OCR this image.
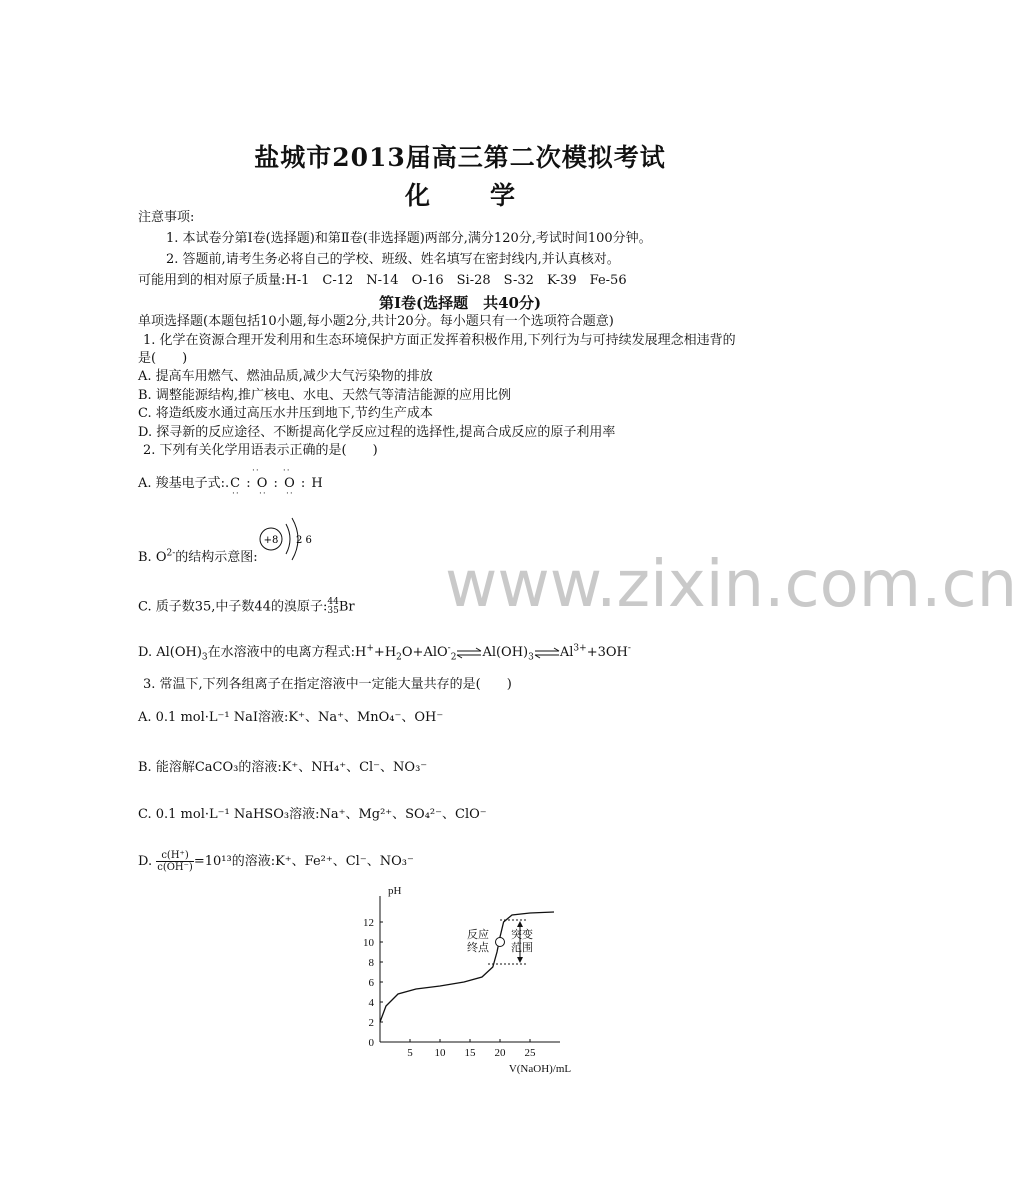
盐城市2013届高三第二次模拟考试
化学
注意事项:
1. 本试卷分第Ⅰ卷(选择题)和第Ⅱ卷(非选择题)两部分,满分120分,考试时间100分钟。
2. 答题前,请考生务必将自己的学校、班级、姓名填写在密封线内,并认真核对。
可能用到的相对原子质量:H-1　C-12　N-14　O-16　Si-28　S-32　K-39　Fe-56
第Ⅰ卷(选择题　共40分)
单项选择题(本题包括10小题,每小题2分,共计20分。每小题只有一个选项符合题意)
1. 化学在资源合理开发利用和生态环境保护方面正发挥着积极作用,下列行为与可持续发展理念相违背的
是(　　)
A. 提高车用燃气、燃油品质,减少大气污染物的排放
B. 调整能源结构,推广核电、水电、天然气等清洁能源的应用比例
C. 将造纸废水通过高压水井压到地下,节约生产成本
D. 探寻新的反应途径、不断提高化学反应过程的选择性,提高合成反应的原子利用率
2. 下列有关化学用语表示正确的是(　　)
A. 羧基电子式:.C : O : O : H
··      ··
··     ··     ··
B. $O^{2-}$的结构示意图:
+8 2 6
C. 质子数35,中子数44的溴原子: 44
35 Br
D. $Al(OH)_3$在水溶液中的电离方程式$:H^++H_2O+AlO^-_2$ $\rightleftharpoons Al(OH)_3$ $\rightleftharpoons Al^{3+}+3OH^-$
3. 常温下,下列各组离子在指定溶液中一定能大量共存的是(　　)
A. 0.1 mol·L⁻¹ NaI溶液:K⁺、Na⁺、MnO₄⁻、OH⁻
B. 能溶解CaCO₃的溶液:K⁺、NH₄⁺、Cl⁻、NO₃⁻
C. 0.1 mol·L⁻¹ NaHSO₃溶液:Na⁺、Mg²⁺、SO₄²⁻、ClO⁻
D. $\frac{c(H^+)}{c(OH^-)} =10^{13}$的溶液:K⁺、Fe²⁺、Cl⁻、NO₃⁻
pH
V(NaOH)/mL
0
12
10
8
6
4
2
5 10 15 20 25
反应
终点
突变
范围
www.zixin.com.cn
